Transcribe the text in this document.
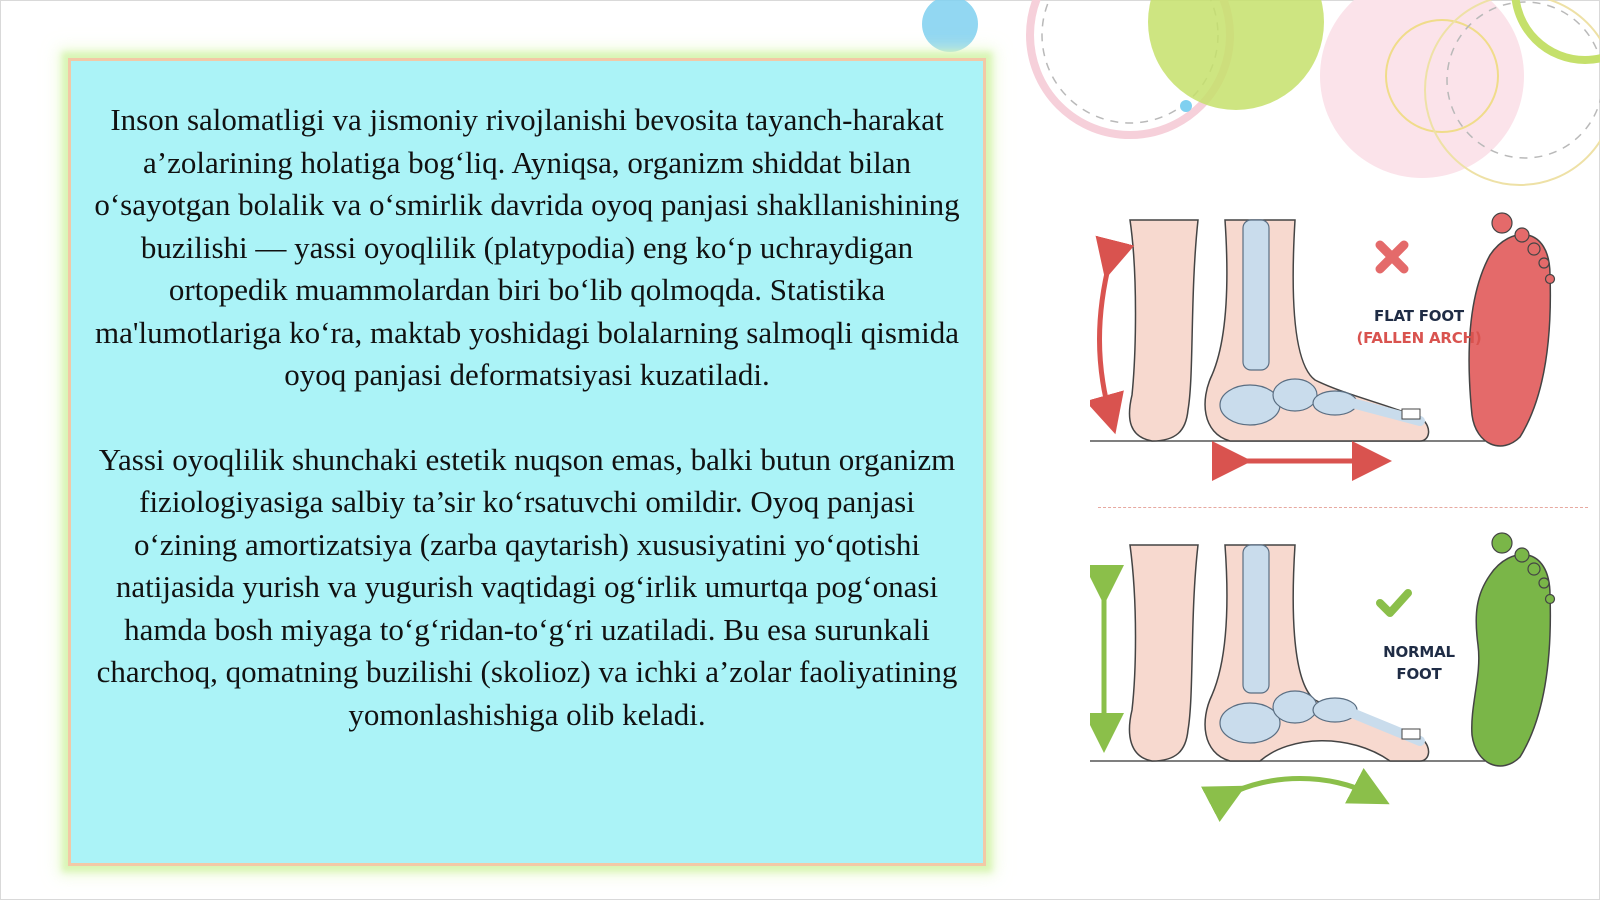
Inson salomatligi va jismoniy rivojlanishi bevosita tayanch-harakat a’zolarining holatiga bog‘liq. Ayniqsa, organizm shiddat bilan o‘sayotgan bolalik va o‘smirlik davrida oyoq panjasi shakllanishining buzilishi — yassi oyoqlilik (platypodia) eng ko‘p uchraydigan ortopedik muammolardan biri bo‘lib qolmoqda. Statistika ma'lumotlariga ko‘ra, maktab yoshidagi bolalarning salmoqli qismida oyoq panjasi deformatsiyasi kuzatiladi.

Yassi oyoqlilik shunchaki estetik nuqson emas, balki butun organizm fiziologiyasiga salbiy ta’sir ko‘rsatuvchi omildir. Oyoq panjasi o‘zining amortizatsiya (zarba qaytarish) xususiyatini yo‘qotishi natijasida yurish va yugurish vaqtidagi og‘irlik umurtqa pog‘onasi hamda bosh miyaga to‘g‘ridan-to‘g‘ri uzatiladi. Bu esa surunkali charchoq, qomatning buzilishi (skolioz) va ichki a’zolar faoliyatining yomonlashishiga olib keladi.

FLAT FOOT
(FALLEN ARCH)
NORMAL
FOOT
